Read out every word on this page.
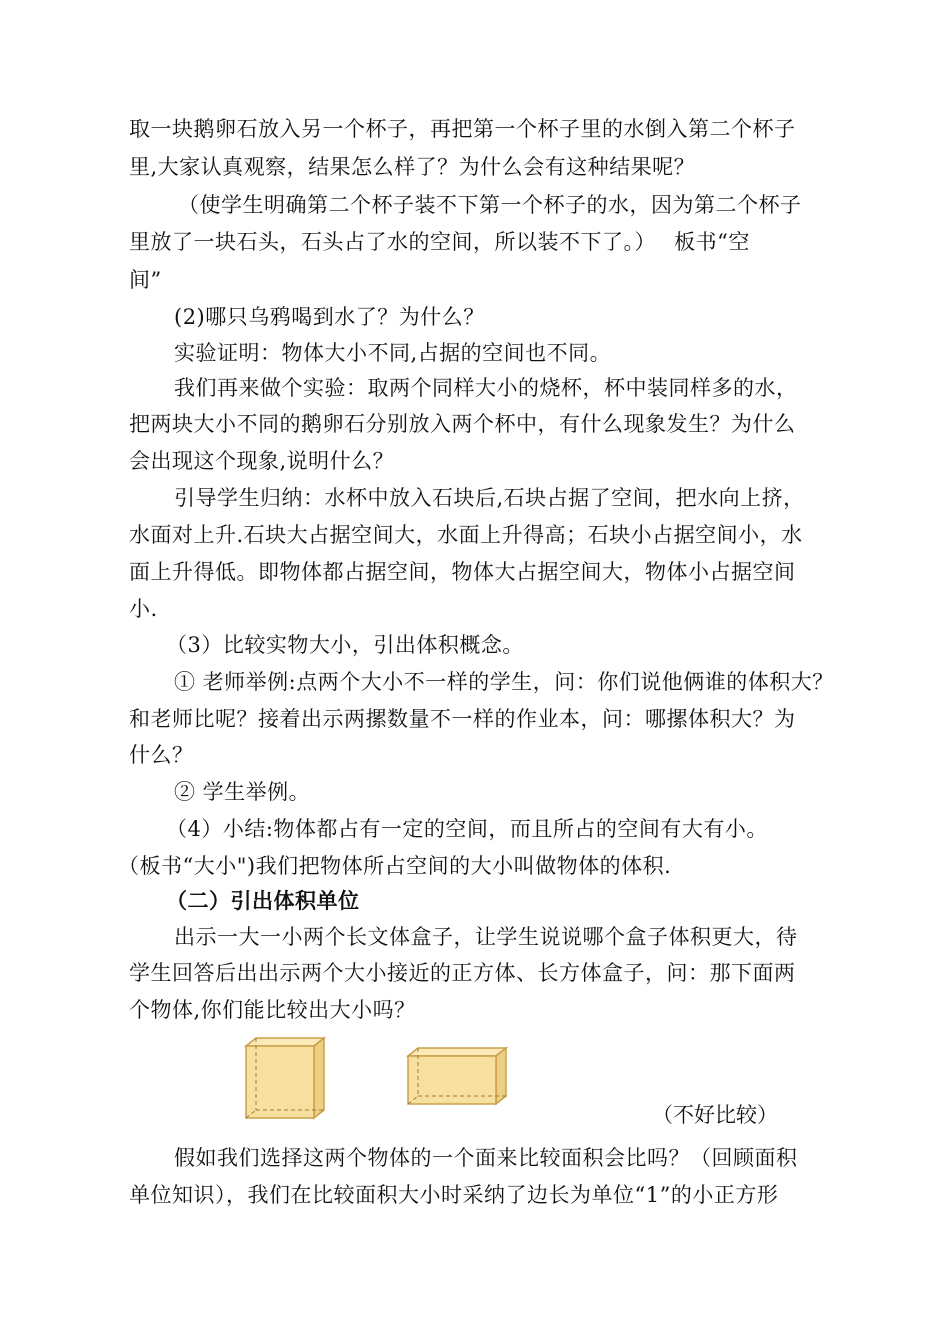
取一块鹅卵石放入另一个杯子，再把第一个杯子里的水倒入第二个杯子
里,大家认真观察，结果怎么样了？为什么会有这种结果呢？
（使学生明确第二个杯子装不下第一个杯子的水，因为第二个杯子
里放了一块石头，石头占了水的空间，所以装不下了。）　 板书“空
间”
(2)哪只乌鸦喝到水了？为什么？
实验证明：物体大小不同,占据的空间也不同。
我们再来做个实验：取两个同样大小的烧杯，杯中装同样多的水，
把两块大小不同的鹅卵石分别放入两个杯中，有什么现象发生？为什么
会出现这个现象,说明什么？
引导学生归纳：水杯中放入石块后,石块占据了空间，把水向上挤，
水面对上升.石块大占据空间大，水面上升得高；石块小占据空间小，水
面上升得低。即物体都占据空间，物体大占据空间大，物体小占据空间
小.
（3）比较实物大小，引出体积概念。
① 老师举例:点两个大小不一样的学生，问：你们说他俩谁的体积大？
和老师比呢？接着出示两摞数量不一样的作业本，问：哪摞体积大？为
什么？
② 学生举例。
（4）小结:物体都占有一定的空间，而且所占的空间有大有小。
（板书“大小")我们把物体所占空间的大小叫做物体的体积.
（二）引出体积单位
出示一大一小两个长文体盒子，让学生说说哪个盒子体积更大，待
学生回答后出出示两个大小接近的正方体、长方体盒子，问：那下面两
个物体,你们能比较出大小吗？
（不好比较）
假如我们选择这两个物体的一个面来比较面积会比吗？（回顾面积
单位知识），我们在比较面积大小时采纳了边长为单位“1”的小正方形
